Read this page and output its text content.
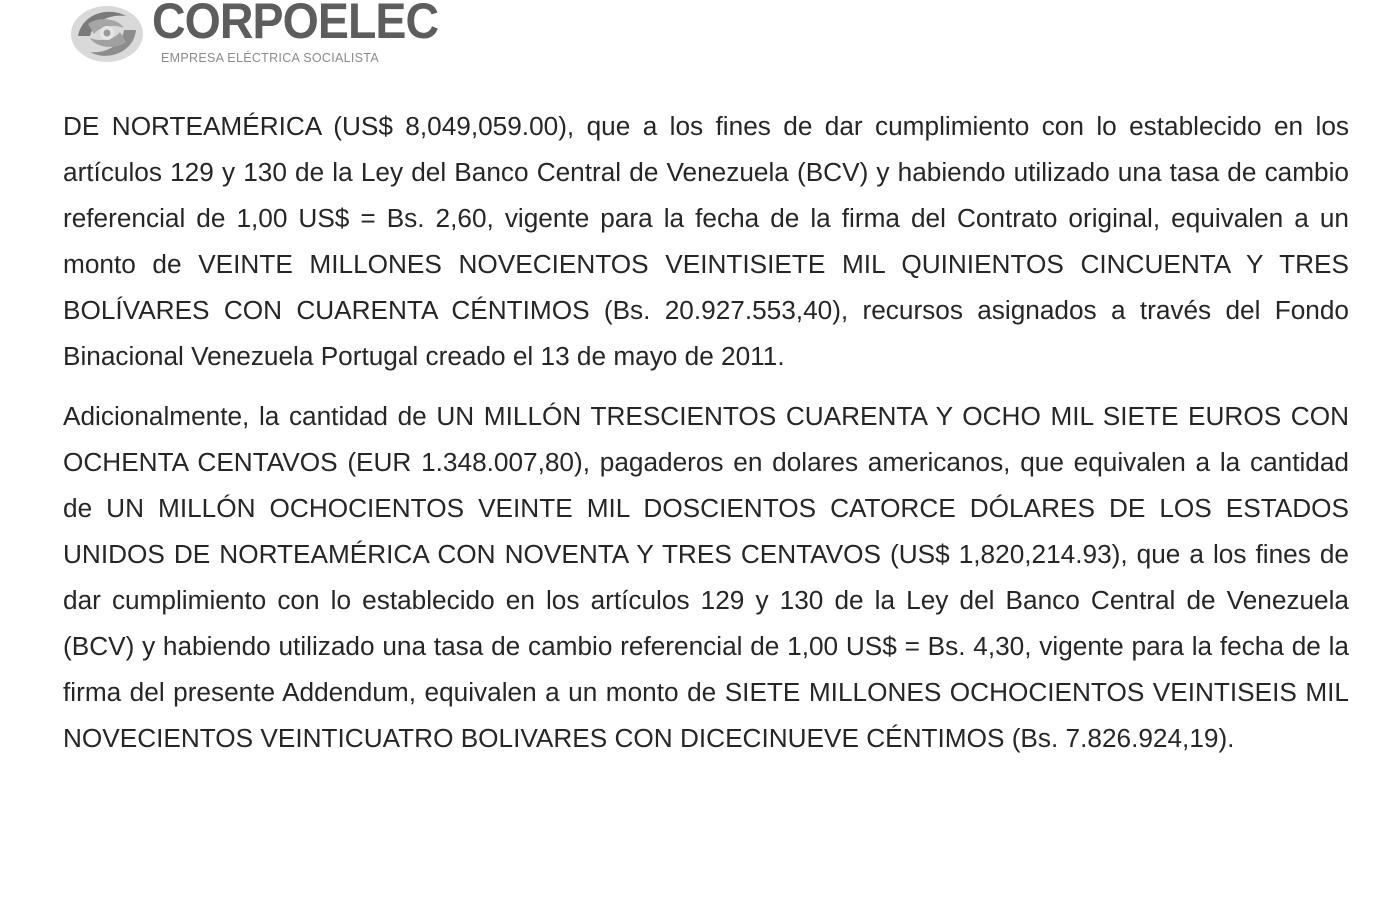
CORPOELEC
EMPRESA ELÉCTRICA SOCIALISTA

DE NORTEAMÉRICA (US$ 8,049,059.00), que a los fines de dar cumplimiento con lo establecido en los artículos 129 y 130 de la Ley del Banco Central de Venezuela (BCV) y habiendo utilizado una tasa de cambio referencial de 1,00 US$ = Bs. 2,60, vigente para la fecha de la firma del Contrato original, equivalen a un monto de VEINTE MILLONES NOVECIENTOS VEINTISIETE MIL QUINIENTOS CINCUENTA Y TRES BOLÍVARES CON CUARENTA CÉNTIMOS (Bs. 20.927.553,40), recursos asignados a través del Fondo Binacional Venezuela Portugal creado el 13 de mayo de 2011.

Adicionalmente, la cantidad de UN MILLÓN TRESCIENTOS CUARENTA Y OCHO MIL SIETE EUROS CON OCHENTA CENTAVOS (EUR 1.348.007,80), pagaderos en dolares americanos, que equivalen a la cantidad de UN MILLÓN OCHOCIENTOS VEINTE MIL DOSCIENTOS CATORCE DÓLARES DE LOS ESTADOS UNIDOS DE NORTEAMÉRICA CON NOVENTA Y TRES CENTAVOS (US$ 1,820,214.93), que a los fines de dar cumplimiento con lo establecido en los artículos 129 y 130 de la Ley del Banco Central de Venezuela (BCV) y habiendo utilizado una tasa de cambio referencial de 1,00 US$ = Bs. 4,30, vigente para la fecha de la firma del presente Addendum, equivalen a un monto de SIETE MILLONES OCHOCIENTOS VEINTISEIS MIL NOVECIENTOS VEINTICUATRO BOLIVARES CON DICECINUEVE CÉNTIMOS (Bs. 7.826.924,19).
